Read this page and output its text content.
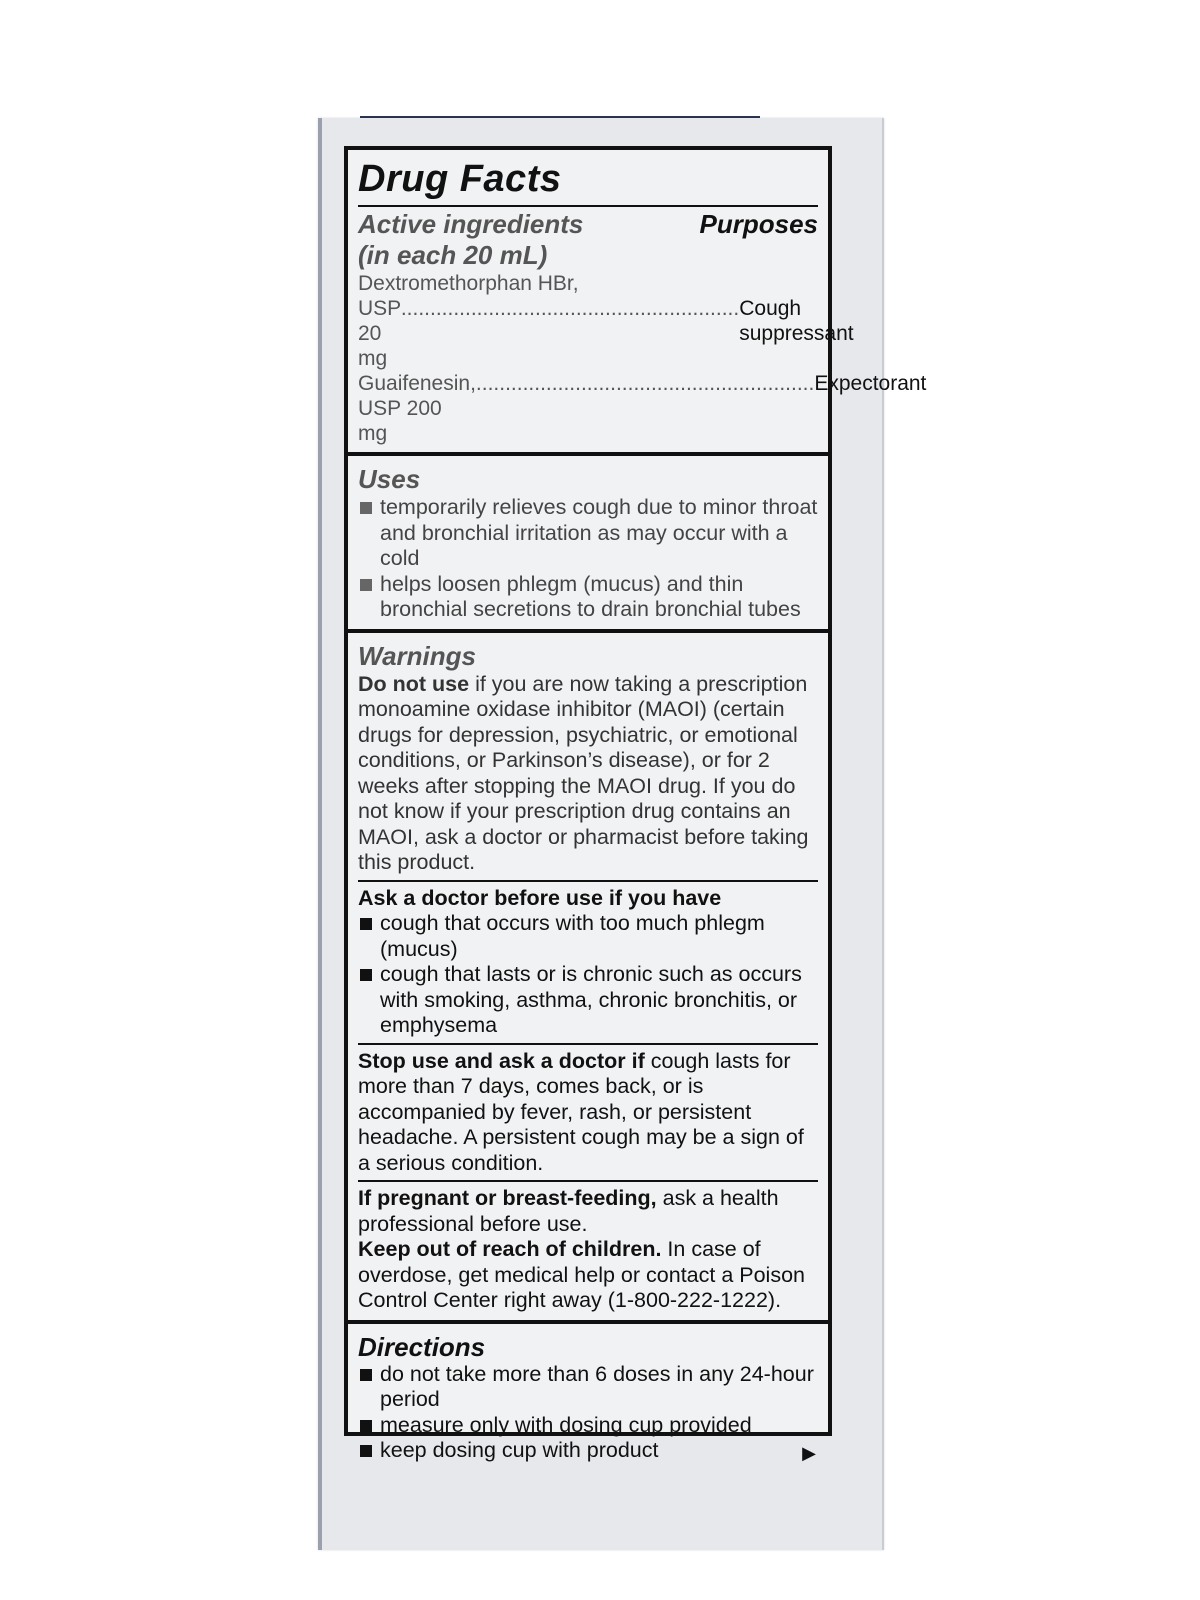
Drug Facts
Active ingredients
(in each 20 mL)
Purposes
Dextromethorphan HBr,
USP 20 mg
.......................................................... Cough suppressant
Guaifenesin, USP 200 mg
.......................................................... Expectorant
Uses
temporarily relieves cough due to minor throat and bronchial irritation as may occur with a cold
helps loosen phlegm (mucus) and thin bronchial secretions to drain bronchial tubes
Warnings
Do not use if you are now taking a prescription monoamine oxidase inhibitor (MAOI) (certain drugs for depression, psychiatric, or emotional conditions, or Parkinson’s disease), or for 2 weeks after stopping the MAOI drug. If you do not know if your prescription drug contains an MAOI, ask a doctor or pharmacist before taking this product.
Ask a doctor before use if you have
cough that occurs with too much phlegm (mucus)
cough that lasts or is chronic such as occurs with smoking, asthma, chronic bronchitis, or emphysema
Stop use and ask a doctor if cough lasts for more than 7 days, comes back, or is accompanied by fever, rash, or persistent headache. A persistent cough may be a sign of a serious condition.
If pregnant or breast-feeding, ask a health professional before use.
Keep out of reach of children. In case of overdose, get medical help or contact a Poison Control Center right away (1-800-222-1222).
Directions
do not take more than 6 doses in any 24-hour period
measure only with dosing cup provided
keep dosing cup with product	▶
